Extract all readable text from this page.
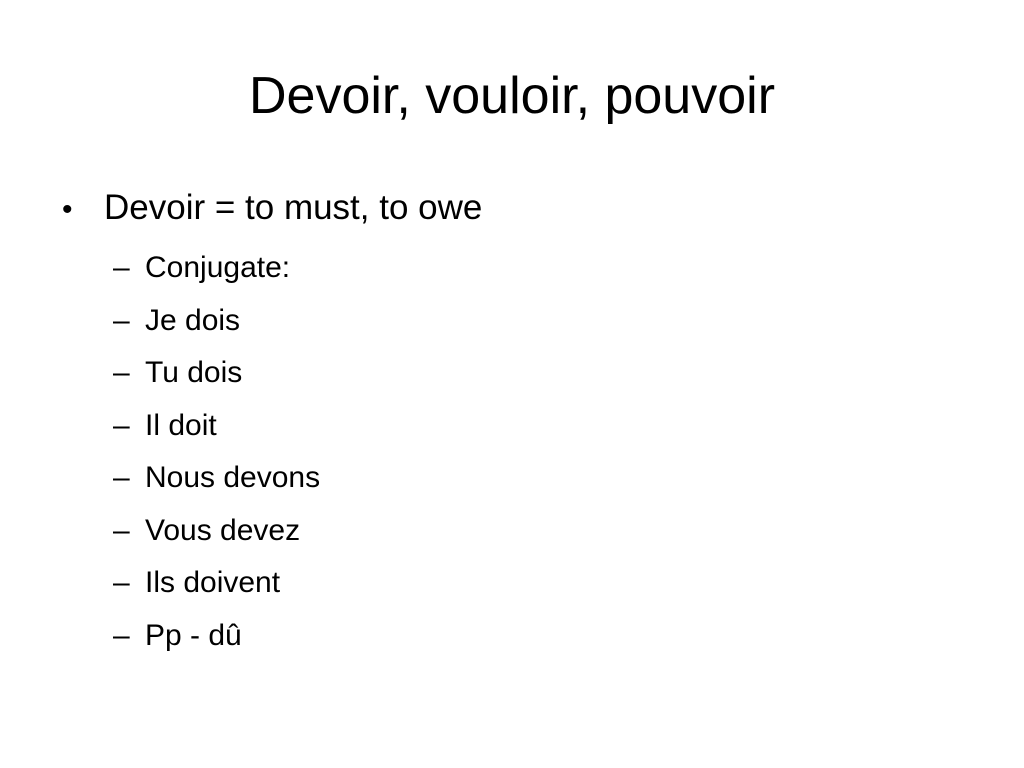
Devoir, vouloir, pouvoir
• Devoir = to must, to owe
– Conjugate:
– Je dois
– Tu dois
– Il doit
– Nous devons
– Vous devez
– Ils doivent
– Pp - dû
